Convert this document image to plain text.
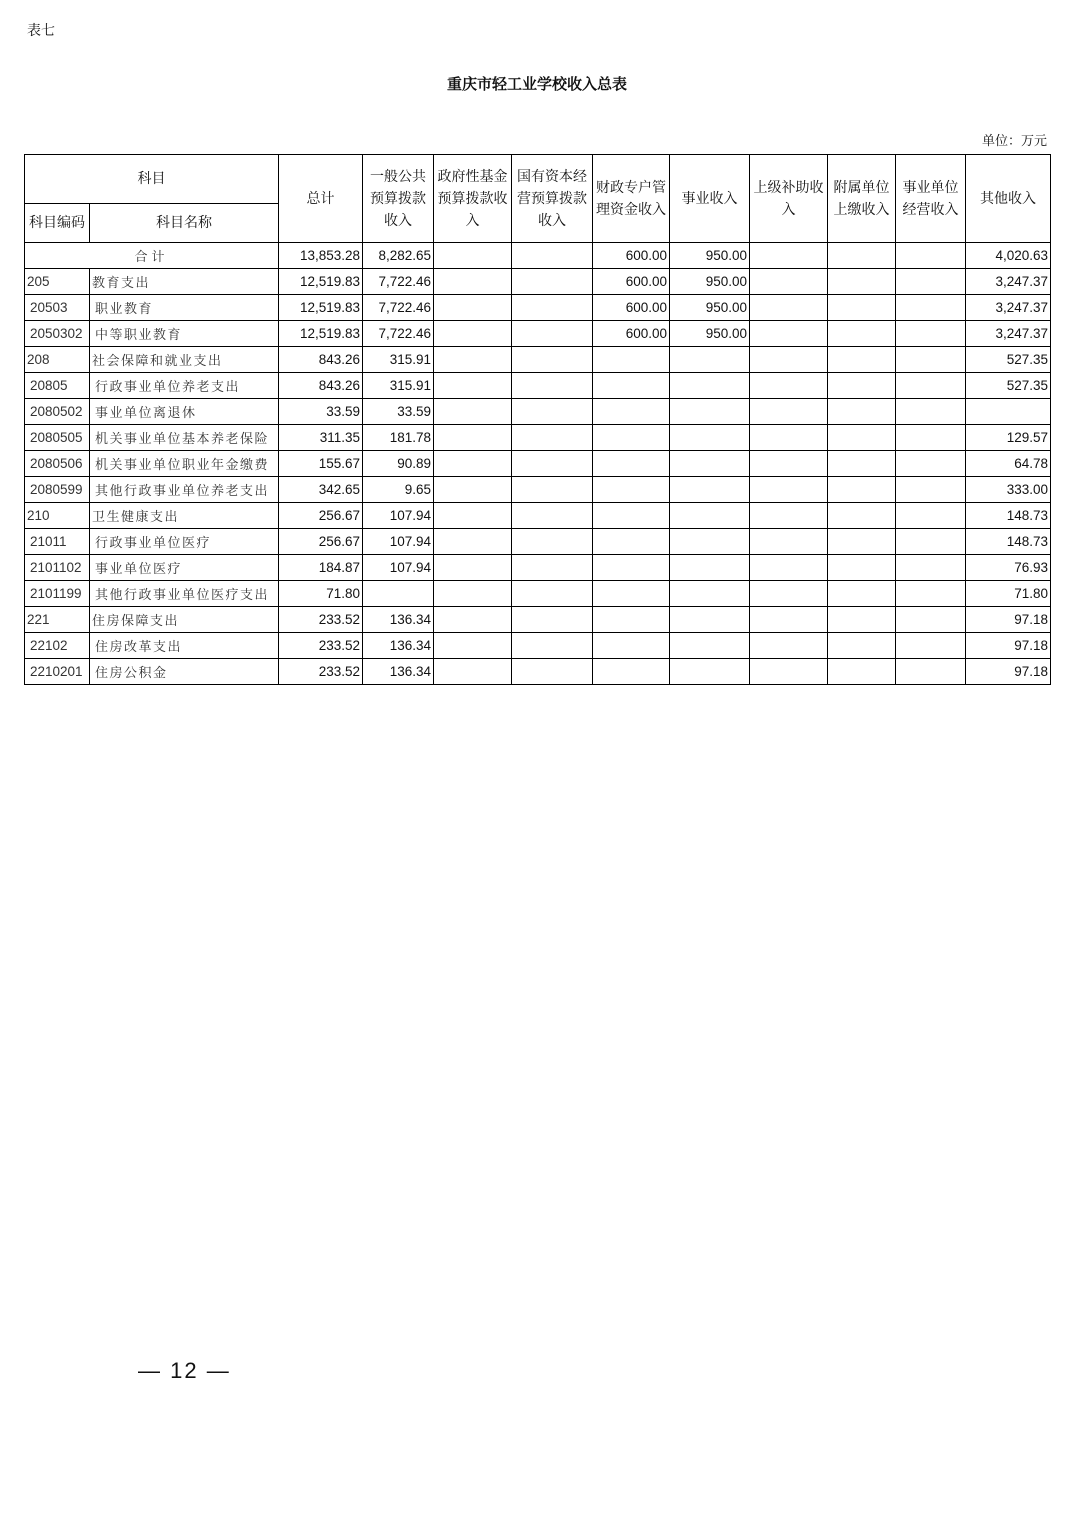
表七
重庆市轻工业学校收入总表
单位：万元
科目		总计	一般公共预算拨款收入	政府性基金预算拨款收入	国有资本经营预算拨款收入	财政专户管理资金收入	事业收入	上级补助收入	附属单位上缴收入	事业单位经营收入	其他收入
科目编码	科目名称										
合计		13,853.28	8,282.65			600.00	950.00				4,020.63
205	教育支出	12,519.83	7,722.46			600.00	950.00				3,247.37
20503	职业教育	12,519.83	7,722.46			600.00	950.00				3,247.37
2050302	中等职业教育	12,519.83	7,722.46			600.00	950.00				3,247.37
208	社会保障和就业支出	843.26	315.91								527.35
20805	行政事业单位养老支出	843.26	315.91								527.35
2080502	事业单位离退休	33.59	33.59								
2080505	机关事业单位基本养老保险	311.35	181.78								129.57
2080506	机关事业单位职业年金缴费	155.67	90.89								64.78
2080599	其他行政事业单位养老支出	342.65	9.65								333.00
210	卫生健康支出	256.67	107.94								148.73
21011	行政事业单位医疗	256.67	107.94								148.73
2101102	事业单位医疗	184.87	107.94								76.93
2101199	其他行政事业单位医疗支出	71.80									71.80
221	住房保障支出	233.52	136.34								97.18
22102	住房改革支出	233.52	136.34								97.18
2210201	住房公积金	233.52	136.34								97.18
— 12 —
